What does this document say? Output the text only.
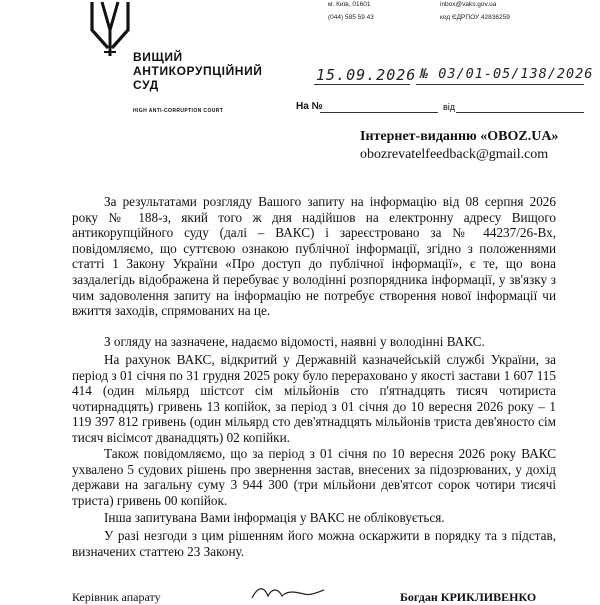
ВИЩИЙ
АНТИКОРУПЦІЙНИЙ
СУД
HIGH ANTI-CORRUPTION COURT
м. Київ, 01601
(044) 585 59 43
inbox@vaks.gov.ua
код ЄДРПОУ 42836259
15.09.2026 № 03/01-05/138/2026
На №	від
Інтернет-виданню «OBOZ.UA»
obozrevatelfeedback@gmail.com
За результатами розгляду Вашого запиту на інформацію від 08 серпня 2026 року № 188-з, який того ж дня надійшов на електронну адресу Вищого антикорупційного суду (далі – ВАКС) і зареєстровано за № 44237/26-Вх, повідомляємо, що суттєвою ознакою публічної інформації, згідно з положеннями статті 1 Закону України «Про доступ до публічної інформації», є те, що вона заздалегідь відображена й перебуває у володінні розпорядника інформації, у зв'язку з чим задоволення запиту на інформацію не потребує створення нової інформації чи вжиття заходів, спрямованих на це.
З огляду на зазначене, надаємо відомості, наявні у володінні ВАКС.
На рахунок ВАКС, відкритий у Державній казначейській службі України, за період з 01 січня по 31 грудня 2025 року було перераховано у якості застави 1 607 115 414 (один мільярд шістсот сім мільйонів сто п'ятнадцять тисяч чотириста чотирнадцять) гривень 13 копійок, за період з 01 січня до 10 вересня 2026 року – 1 119 397 812 гривень (один мільярд сто дев'ятнадцять мільйонів триста дев'яносто сім тисяч вісімсот дванадцять) 02 копійки.
Також повідомляємо, що за період з 01 січня по 10 вересня 2026 року ВАКС ухвалено 5 судових рішень про звернення застав, внесених за підозрюваних, у дохід держави на загальну суму 3 944 300 (три мільйони дев'ятсот сорок чотири тисячі триста) гривень 00 копійок.
Інша запитувана Вами інформація у ВАКС не обліковується.
У разі незгоди з цим рішенням його можна оскаржити в порядку та з підстав, визначених статтею 23 Закону.
Керівник апарату	Богдан КРИКЛИВЕНКО
